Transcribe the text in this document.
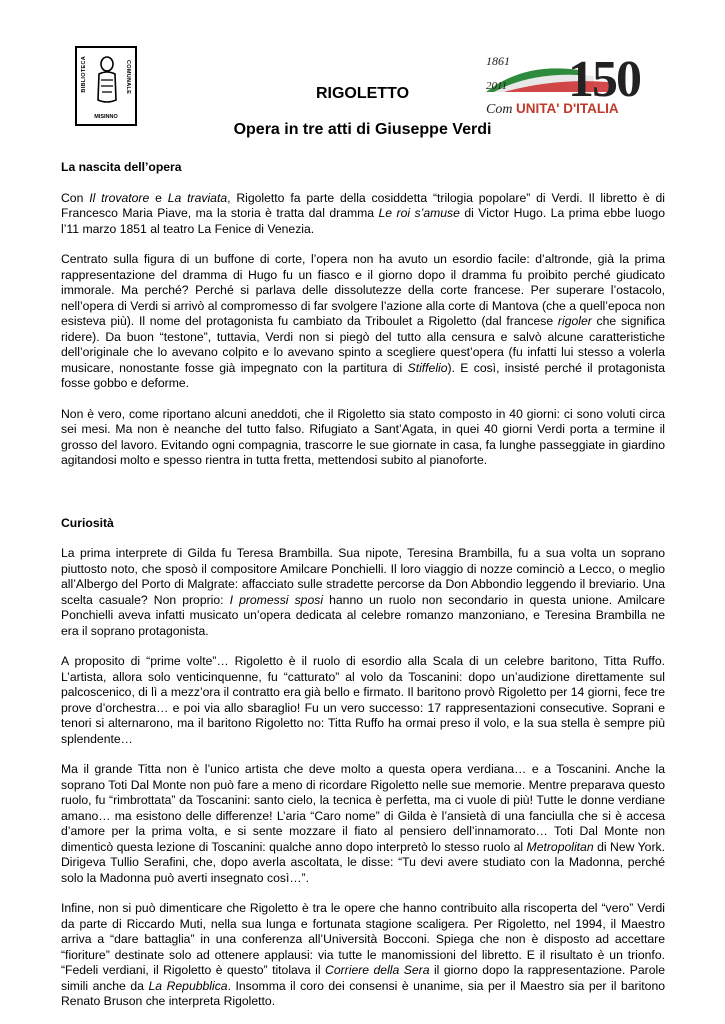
BIBLIOTECA	COMUNALE
MISINNO
1861
2011 150
Com UNITA' D'ITALIA
RIGOLETTO
Opera in tre atti di Giuseppe Verdi
La nascita dell’opera

Con Il trovatore e La traviata, Rigoletto fa parte della cosiddetta “trilogia popolare” di Verdi. Il libretto è di Francesco Maria Piave, ma la storia è tratta dal dramma Le roi s’amuse di Victor Hugo. La prima ebbe luogo l’11 marzo 1851 al teatro La Fenice di Venezia.

Centrato sulla figura di un buffone di corte, l’opera non ha avuto un esordio facile: d’altronde, già la prima rappresentazione del dramma di Hugo fu un fiasco e il giorno dopo il dramma fu proibito perché giudicato immorale. Ma perché? Perché si parlava delle dissolutezze della corte francese. Per superare l’ostacolo, nell’opera di Verdi si arrivò al compromesso di far svolgere l’azione alla corte di Mantova (che a quell’epoca non esisteva più). Il nome del protagonista fu cambiato da Triboulet a Rigoletto (dal francese rigoler che significa ridere). Da buon “testone”, tuttavia, Verdi non si piegò del tutto alla censura e salvò alcune caratteristiche dell’originale che lo avevano colpito e lo avevano spinto a scegliere quest’opera (fu infatti lui stesso a volerla musicare, nonostante fosse già impegnato con la partitura di Stiffelio). E così, insisté perché il protagonista fosse gobbo e deforme.

Non è vero, come riportano alcuni aneddoti, che il Rigoletto sia stato composto in 40 giorni: ci sono voluti circa sei mesi. Ma non è neanche del tutto falso. Rifugiato a Sant’Agata, in quei 40 giorni Verdi porta a termine il grosso del lavoro. Evitando ogni compagnia, trascorre le sue giornate in casa, fa lunghe passeggiate in giardino agitandosi molto e spesso rientra in tutta fretta, mettendosi subito al pianoforte.

Curiosità

La prima interprete di Gilda fu Teresa Brambilla. Sua nipote, Teresina Brambilla, fu a sua volta un soprano piuttosto noto, che sposò il compositore Amilcare Ponchielli. Il loro viaggio di nozze cominciò a Lecco, o meglio all’Albergo del Porto di Malgrate: affacciato sulle stradette percorse da Don Abbondio leggendo il breviario. Una scelta casuale? Non proprio: I promessi sposi hanno un ruolo non secondario in questa unione. Amilcare Ponchielli aveva infatti musicato un’opera dedicata al celebre romanzo manzoniano, e Teresina Brambilla ne era il soprano protagonista.

A proposito di “prime volte”… Rigoletto è il ruolo di esordio alla Scala di un celebre baritono, Titta Ruffo. L’artista, allora solo venticinquenne, fu “catturato” al volo da Toscanini: dopo un’audizione direttamente sul palcoscenico, di lì a mezz’ora il contratto era già bello e firmato. Il baritono provò Rigoletto per 14 giorni, fece tre prove d’orchestra… e poi via allo sbaraglio! Fu un vero successo: 17 rappresentazioni consecutive. Soprani e tenori si alternarono, ma il baritono Rigoletto no: Titta Ruffo ha ormai preso il volo, e la sua stella è sempre più splendente…

Ma il grande Titta non è l’unico artista che deve molto a questa opera verdiana… e a Toscanini. Anche la soprano Toti Dal Monte non può fare a meno di ricordare Rigoletto nelle sue memorie. Mentre preparava questo ruolo, fu “rimbrottata” da Toscanini: santo cielo, la tecnica è perfetta, ma ci vuole di più! Tutte le donne verdiane amano… ma esistono delle differenze! L’aria “Caro nome” di Gilda è l’ansietà di una fanciulla che si è accesa d’amore per la prima volta, e si sente mozzare il fiato al pensiero dell’innamorato… Toti Dal Monte non dimenticò questa lezione di Toscanini: qualche anno dopo interpretò lo stesso ruolo al Metropolitan di New York. Dirigeva Tullio Serafini, che, dopo averla ascoltata, le disse: “Tu devi avere studiato con la Madonna, perché solo la Madonna può averti insegnato così…”.

Infine, non si può dimenticare che Rigoletto è tra le opere che hanno contribuito alla riscoperta del “vero” Verdi da parte di Riccardo Muti, nella sua lunga e fortunata stagione scaligera. Per Rigoletto, nel 1994, il Maestro arriva a “dare battaglia” in una conferenza all’Università Bocconi. Spiega che non è disposto ad accettare “fioriture” destinate solo ad ottenere applausi: via tutte le manomissioni del libretto. E il risultato è un trionfo. “Fedeli verdiani, il Rigoletto è questo” titolava il Corriere della Sera il giorno dopo la rappresentazione. Parole simili anche da La Repubblica. Insomma il coro dei consensi è unanime, sia per il Maestro sia per il baritono Renato Bruson che interpreta Rigoletto.
